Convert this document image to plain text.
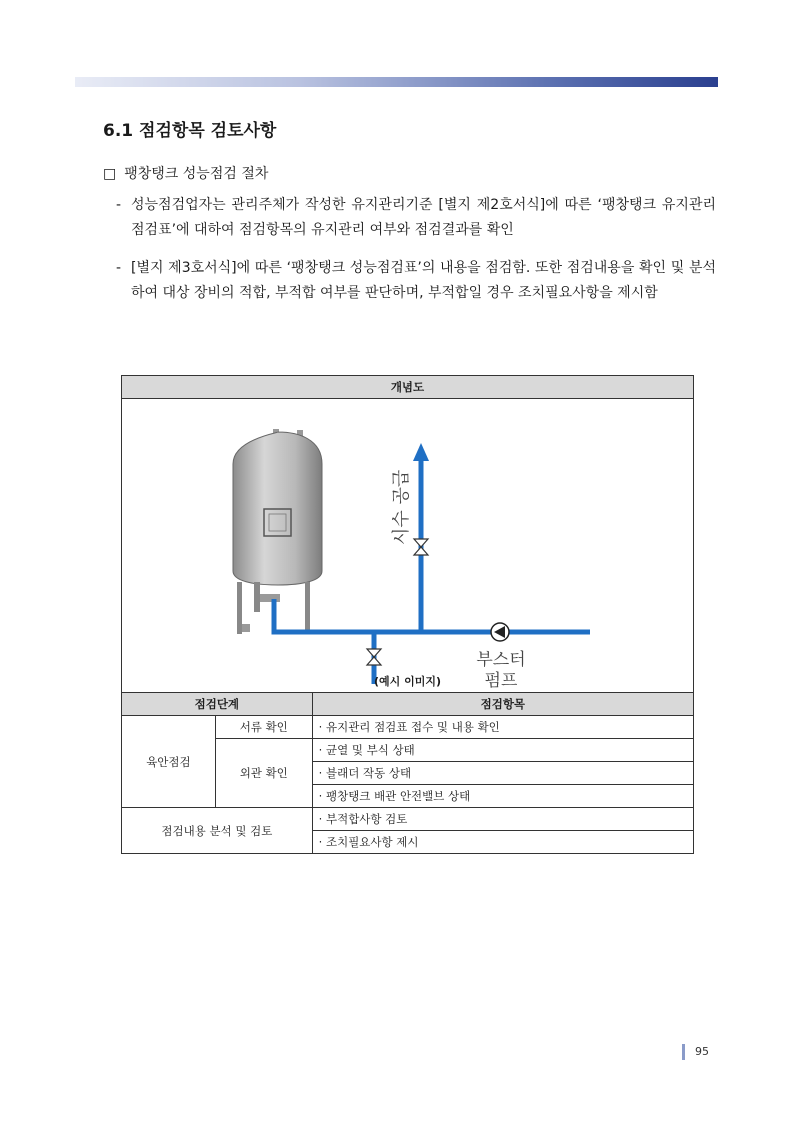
6.1 점검항목 검토사항
□ 팽창탱크 성능점검 절차
- 성능점검업자는 관리주체가 작성한 유지관리기준 [별지 제2호서식]에 따른 ‘팽창탱크 유지관리 점검표’에 대하여 점검항목의 유지관리 여부와 점검결과를 확인
- [별지 제3호서식]에 따른 ‘팽창탱크 성능점검표’의 내용을 점검함. 또한 점검내용을 확인 및 분석하여 대상 장비의 적합, 부적합 여부를 판단하며, 부적합일 경우 조치필요사항을 제시함
개념도		

시수 공급
부스터
펌프
(예시 이미지)		

점검단계		점검항목
육안점검	서류 확인	· 유지관리 점검표 접수 및 내용 확인
	외관 확인	· 균열 및 부식 상태
		· 블래더 작동 상태
		· 팽창탱크 배관 안전밸브 상태
점검내용 분석 및 검토		· 부적합사항 검토
		· 조치필요사항 제시
95
